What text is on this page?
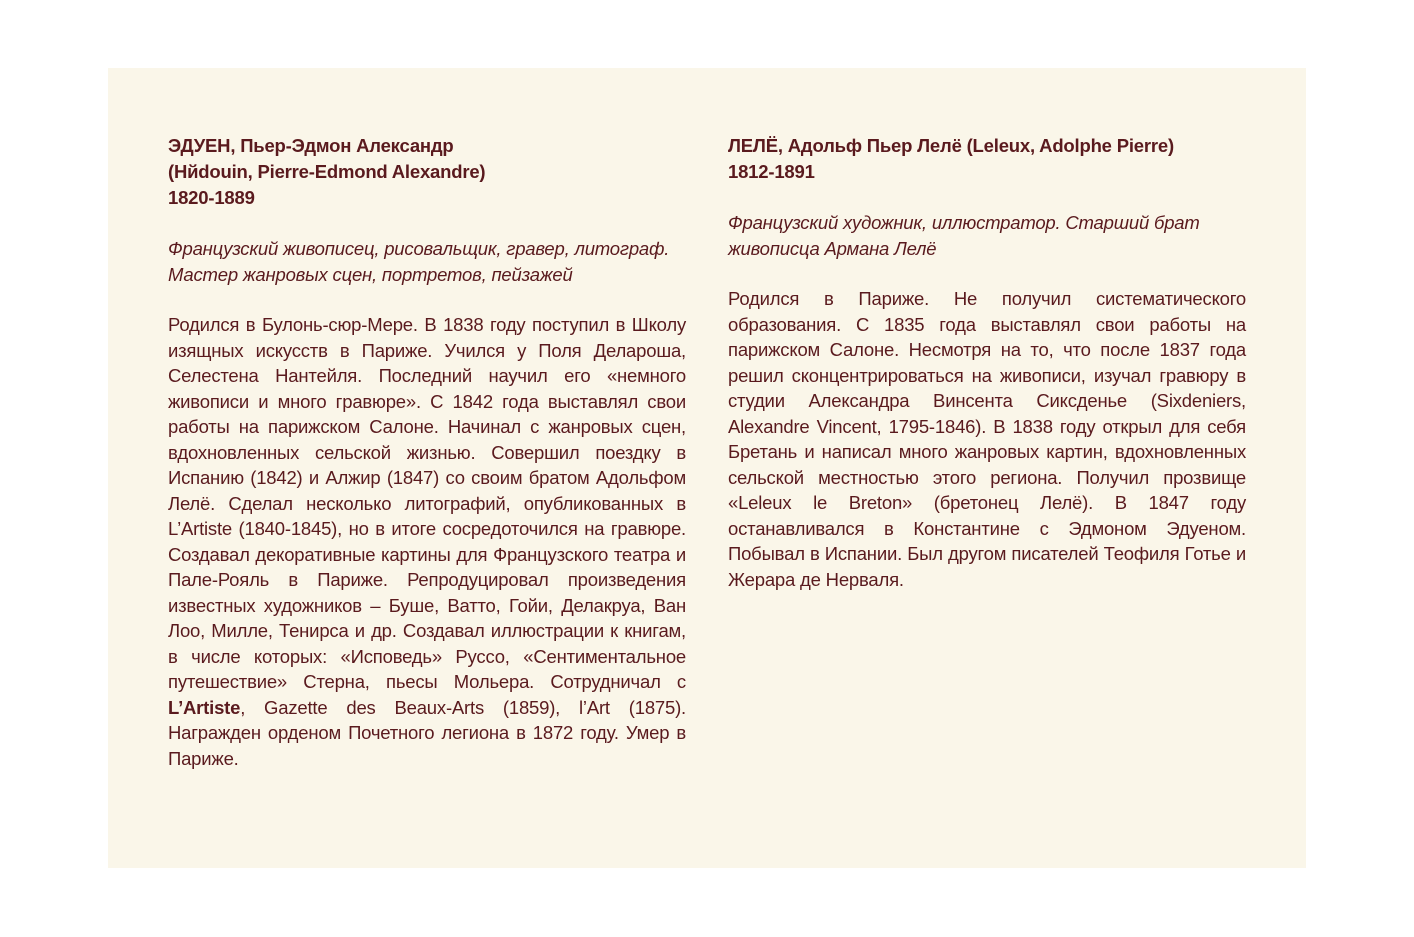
ЭДУЕН, Пьер-Эдмон Александр
(Hйdouin, Pierre-Edmond Alexandre)
1820-1889
Французский живописец, рисовальщик, гравер, литограф.
Мастер жанровых сцен, портретов, пейзажей
Родился в Булонь-сюр-Мере. В 1838 году поступил в Школу изящных искусств в Париже. Учился у Поля Делароша, Селестена Нантейля. Последний научил его «немного живописи и много гравюре». С 1842 года выставлял свои работы на парижском Салоне. Начинал с жанровых сцен, вдохновленных сельской жизнью. Совершил поездку в Испанию (1842) и Алжир (1847) со своим братом Адольфом Лелё. Сделал несколько литографий, опубликованных в L’Artiste (1840-1845), но в итоге сосредоточился на гравюре. Создавал декоративные картины для Французского театра и Пале-Рояль в Париже. Репродуцировал произведения известных художников – Буше, Ватто, Гойи, Делакруа, Ван Лоо, Милле, Тенирса и др. Создавал иллюстрации к книгам, в числе которых: «Исповедь» Руссо, «Сентиментальное путешествие» Стерна, пьесы Мольера. Сотрудничал с L’Artiste, Gazette des Beaux-Arts (1859), l’Art (1875). Награжден орденом Почетного легиона в 1872 году. Умер в Париже.
ЛЕЛЁ, Адольф Пьер Лелё (Leleux, Adolphe Pierre)
1812-1891
Французский художник, иллюстратор. Старший брат
живописца Армана Лелё
Родился в Париже. Не получил систематического образования. С 1835 года выставлял свои работы на парижском Салоне. Несмотря на то, что после 1837 года решил сконцентрироваться на живописи, изучал гравюру в студии Александра Винсента Сиксденье (Sixdeniers, Alexandre Vincent, 1795-1846). В 1838 году открыл для себя Бретань и написал много жанровых картин, вдохновленных сельской местностью этого региона. Получил прозвище «Leleux le Breton» (бретонец Лелё). В 1847 году останавливался в Константине с Эдмоном Эдуеном. Побывал в Испании. Был другом писателей Теофиля Готье и Жерара де Нерваля.
